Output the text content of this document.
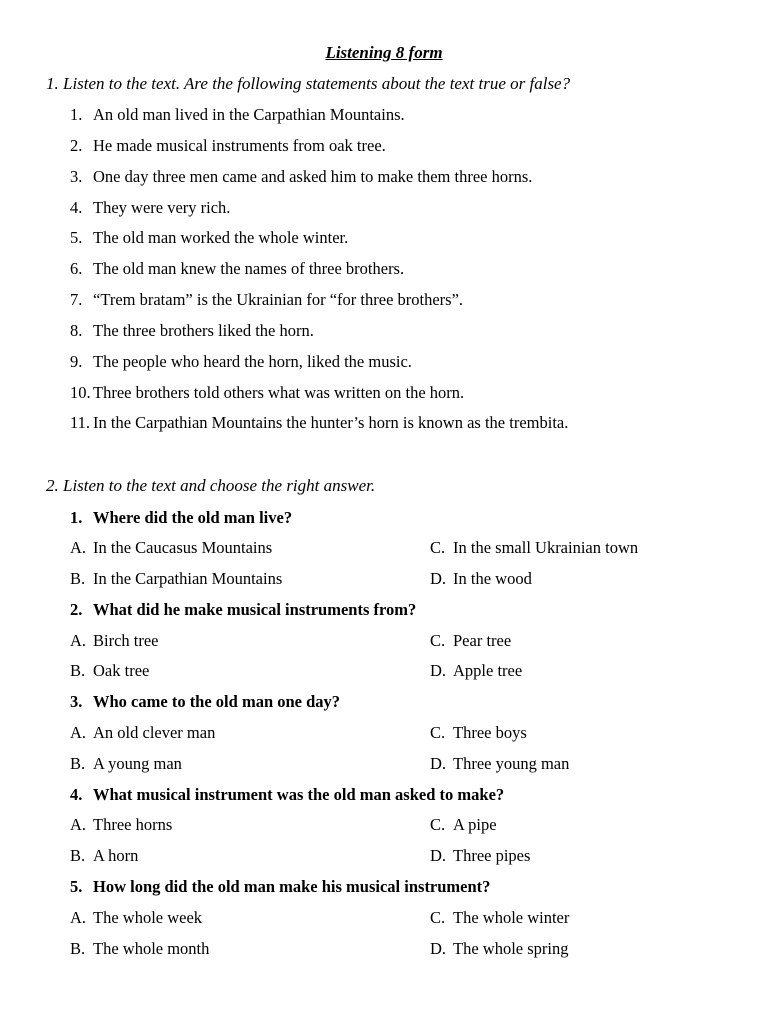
Listening 8 form
1. Listen to the text. Are the following statements about the text true or false?
1. An old man lived in the Carpathian Mountains.
2. He made musical instruments from oak tree.
3. One day three men came and asked him to make them three horns.
4. They were very rich.
5. The old man worked the whole winter.
6. The old man knew the names of three brothers.
7. “Trem bratam” is the Ukrainian for “for three brothers”.
8. The three brothers liked the horn.
9. The people who heard the horn, liked the music.
10. Three brothers told others what was written on the horn.
11. In the Carpathian Mountains the hunter’s horn is known as the trembita.
2. Listen to the text and choose the right answer.
1. Where did the old man live?
A. In the Caucasus Mountains	C. In the small Ukrainian town
B. In the Carpathian Mountains	D. In the wood
2. What did he make musical instruments from?
A. Birch tree	C. Pear tree
B. Oak tree	D. Apple tree
3. Who came to the old man one day?
A. An old clever man	C. Three boys
B. A young man	D. Three young man
4. What musical instrument was the old man asked to make?
A. Three horns	C. A pipe
B. A horn	D. Three pipes
5. How long did the old man make his musical instrument?
A. The whole week	C. The whole winter
B. The whole month	D. The whole spring
